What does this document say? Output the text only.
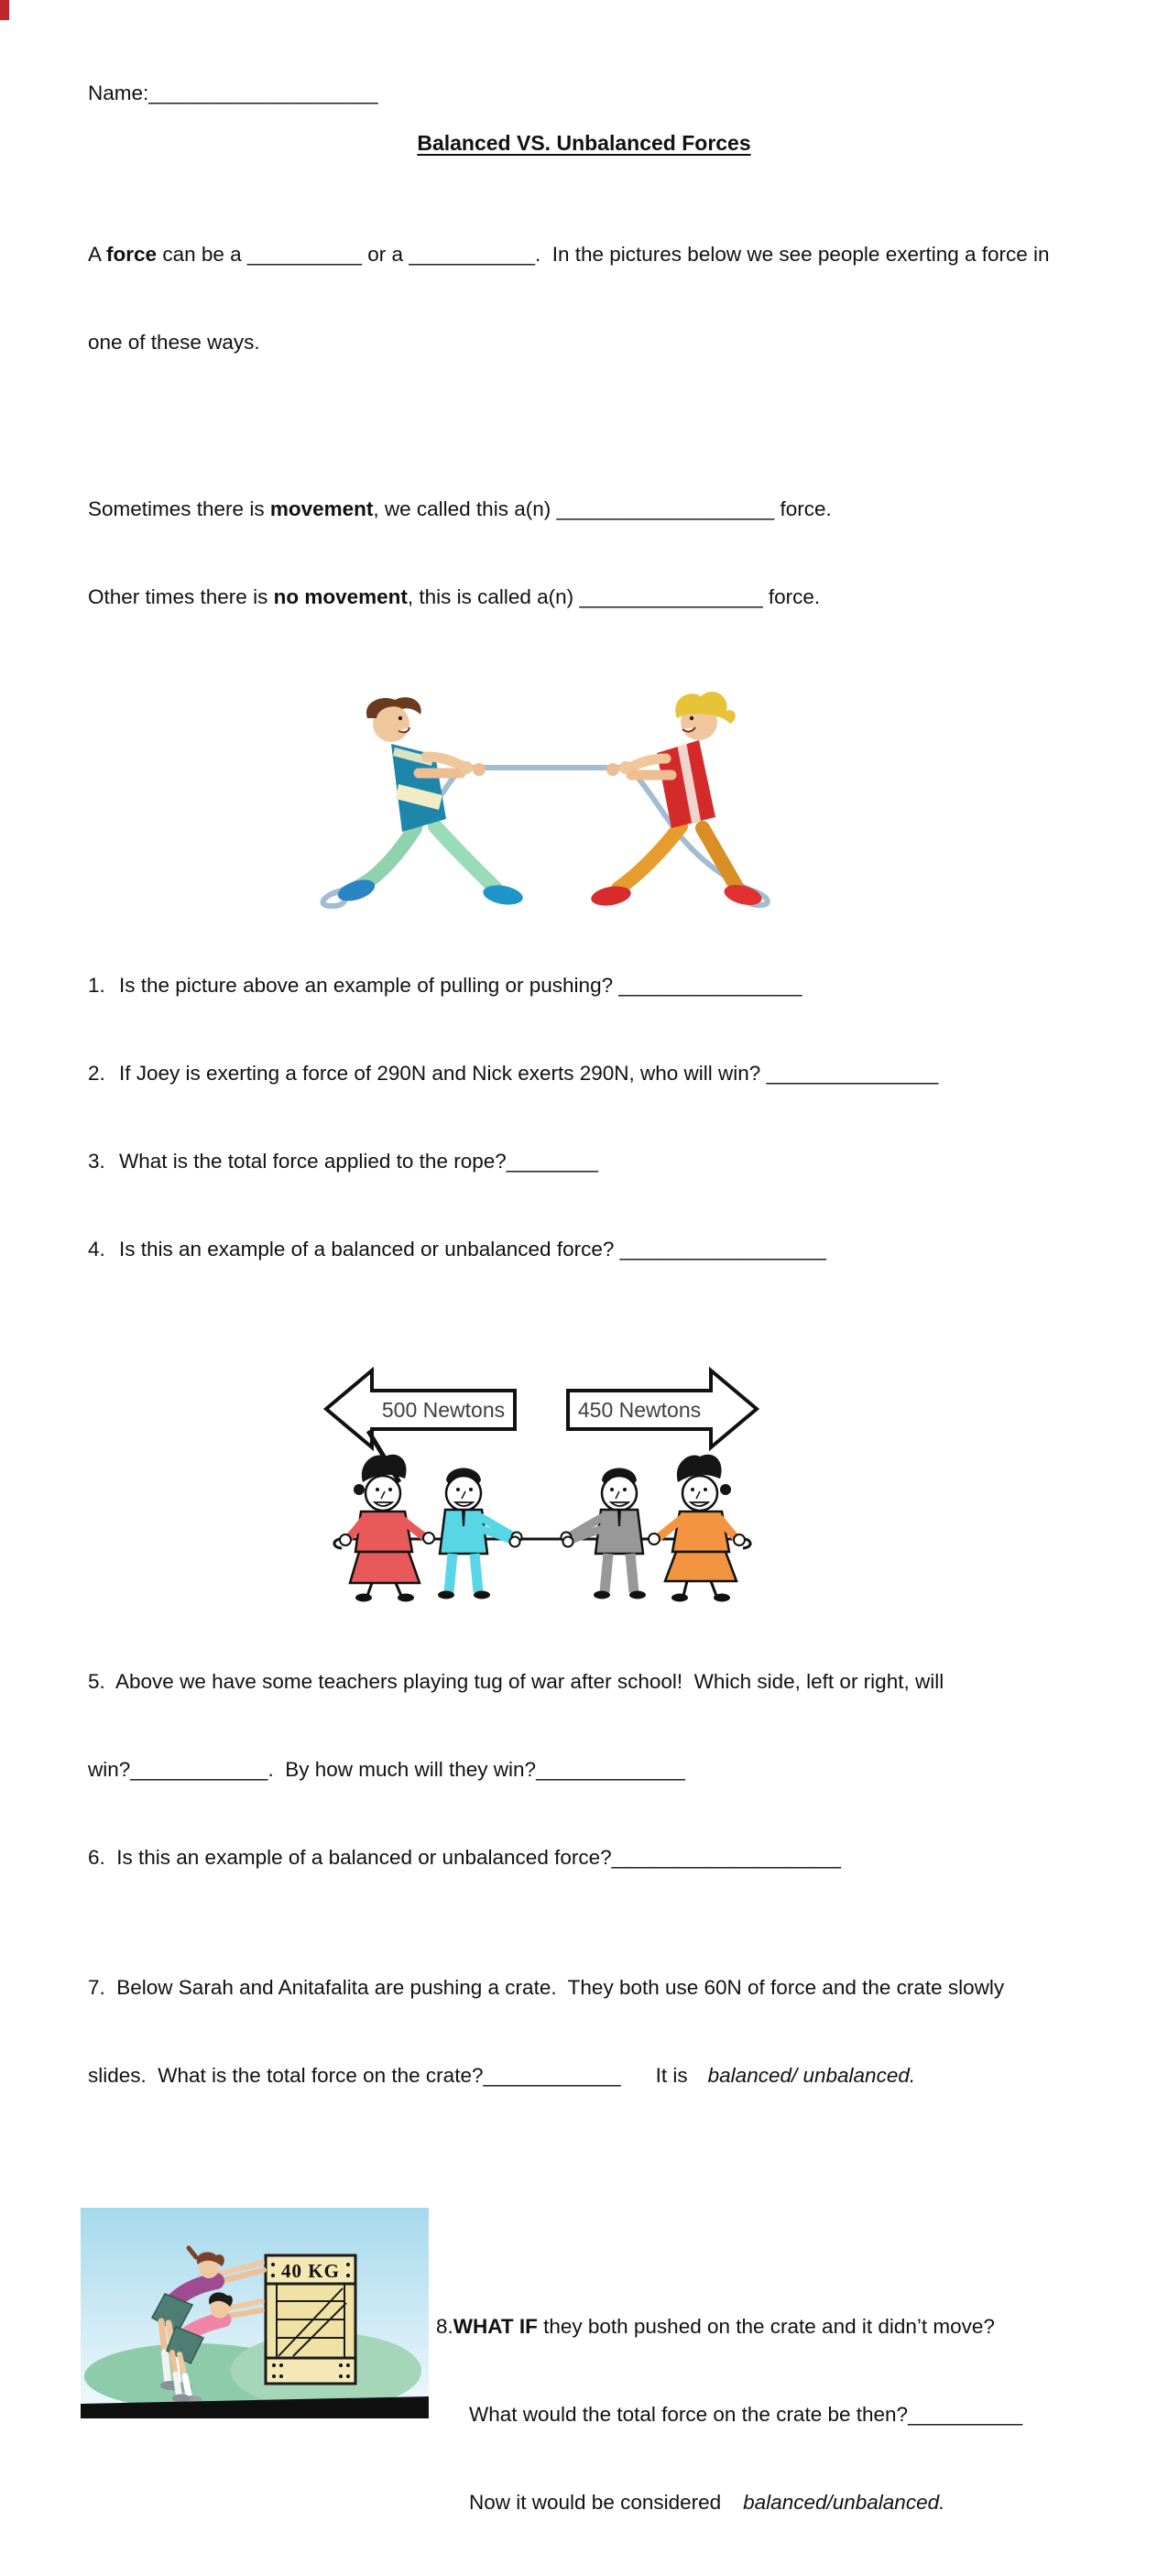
Name:____________________
Balanced VS. Unbalanced Forces

A force can be a __________ or a ___________.  In the pictures below we see people exerting a force in

one of these ways.

Sometimes there is movement, we called this a(n) ___________________ force.

Other times there is no movement, this is called a(n) ________________ force.

1. Is the picture above an example of pulling or pushing? ________________

2. If Joey is exerting a force of 290N and Nick exerts 290N, who will win? _______________

3. What is the total force applied to the rope?________

4. Is this an example of a balanced or unbalanced force? __________________

500 Newtons	450 Newtons

5.  Above we have some teachers playing tug of war after school!  Which side, left or right, will

win?____________.  By how much will they win?_____________

6.  Is this an example of a balanced or unbalanced force?____________________

7.  Below Sarah and Anitafalita are pushing a crate.  They both use 60N of force and the crate slowly

slides.  What is the total force on the crate?____________ It is balanced/ unbalanced.

40 KG

8.WHAT IF they both pushed on the crate and it didn’t move?

What would the total force on the crate be then?__________

Now it would be considered balanced/unbalanced.
